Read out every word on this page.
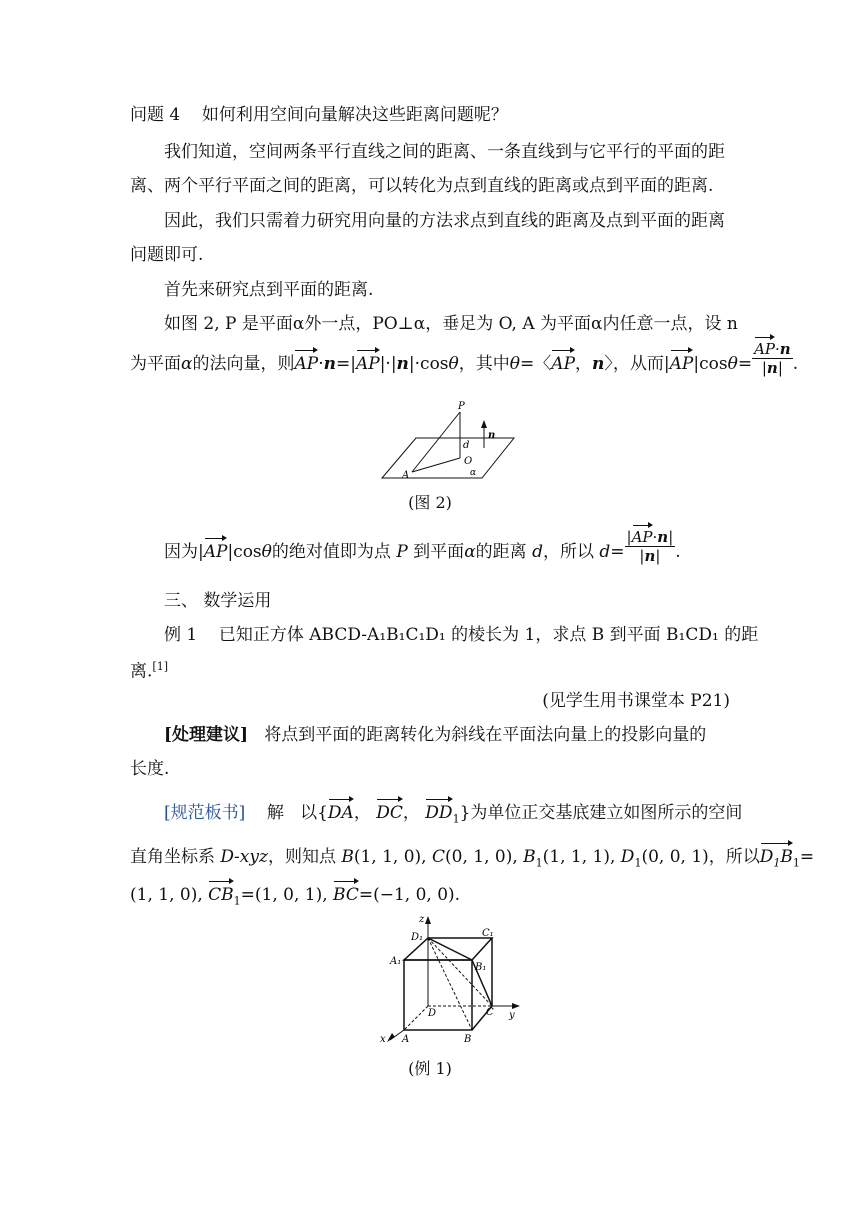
问题 4 如何利用空间向量解决这些距离问题呢？
我们知道，空间两条平行直线之间的距离、一条直线到与它平行的平面的距
离、两个平行平面之间的距离，可以转化为点到直线的距离或点到平面的距离.
因此，我们只需着力研究用向量的方法求点到直线的距离及点到平面的距离
问题即可.
首先来研究点到平面的距离.
如图 2, P 是平面α外一点，PO⊥α，垂足为 O, A 为平面α内任意一点，设 n
为平面α的法向量，则AP·n=|AP|·|n|·cosθ，其中θ=〈AP，n〉，从而$|AP|\cos\theta= \frac{AP\cdot n}{|n|}$ .
P
A
O
d
n
α
(图 2)
因为|AP|cosθ的绝对值即为点 P 到平面α的距离 d，所以 $d= \frac{|AP\cdot n|}{|n|}$ .
三、 数学运用
例 1 已知正方体 ABCD-A₁B₁C₁D₁ 的棱长为 1，求点 B 到平面 B₁CD₁ 的距
离.[1]
(见学生用书课堂本 P21)
[处理建议] 将点到平面的距离转化为斜线在平面法向量上的投影向量的
长度.
[规范板书] 解   以{DA， DC， $DD_1$}为单位正交基底建立如图所示的空间
直角坐标系 D-xyz，则知点 B(1, 1, 0), C(0, 1, 0), $B_1(1$, 1, 1), $D_1(0$, 0, 1)，所以$D_1B_1=$
(1, 1, 0), $CB_1=(1$, 0, 1), BC=(−1, 0, 0).
z
y
x
D₁	C₁
A₁
B₁
D	C
A	B
(例 1)
